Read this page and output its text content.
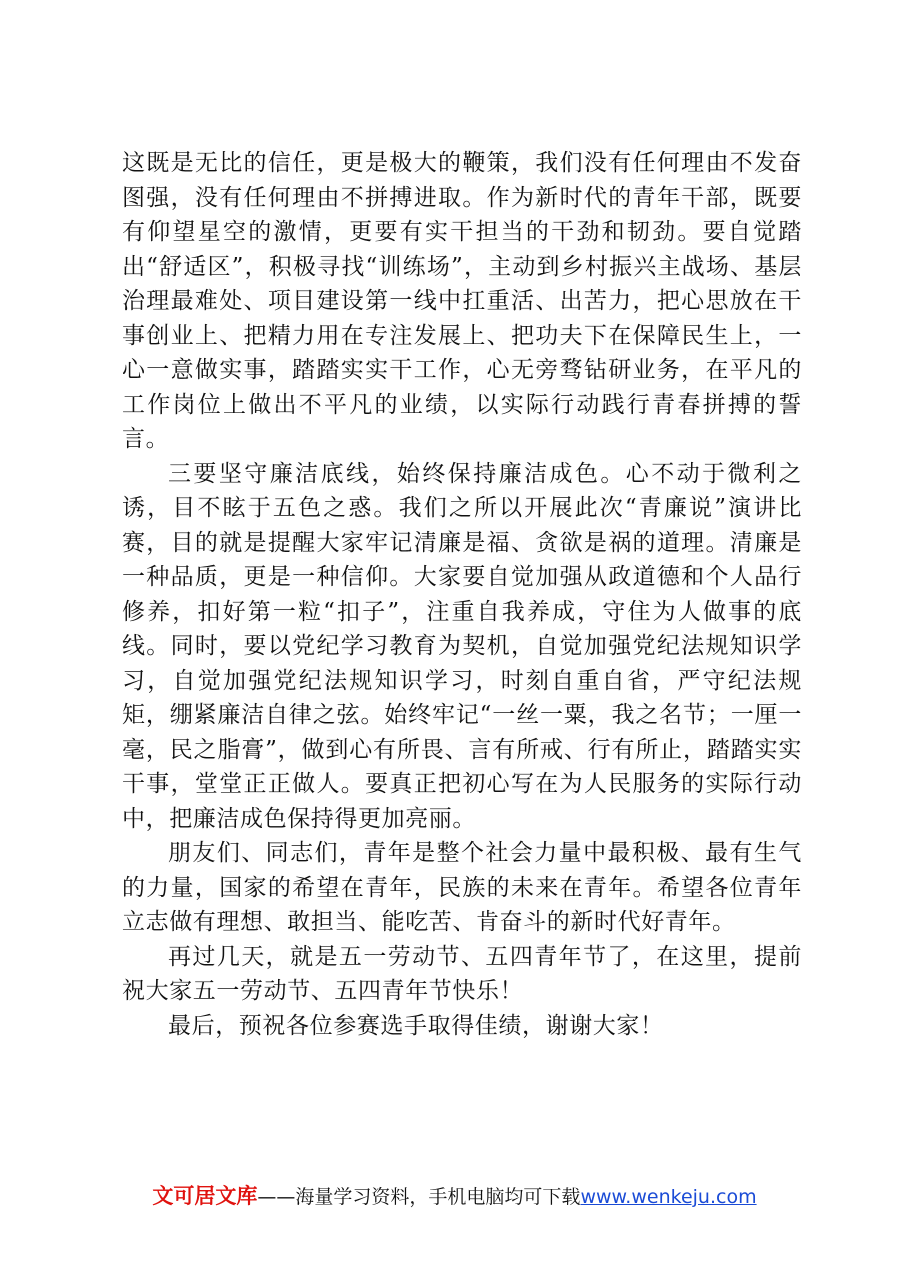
这既是无比的信任，更是极大的鞭策，我们没有任何理由不发奋图强，没有任何理由不拼搏进取。作为新时代的青年干部，既要有仰望星空的激情，更要有实干担当的干劲和韧劲。要自觉踏出“舒适区”，积极寻找“训练场”，主动到乡村振兴主战场、基层治理最难处、项目建设第一线中扛重活、出苦力，把心思放在干事创业上、把精力用在专注发展上、把功夫下在保障民生上，一心一意做实事，踏踏实实干工作，心无旁骛钻研业务，在平凡的工作岗位上做出不平凡的业绩，以实际行动践行青春拼搏的誓言。

三要坚守廉洁底线，始终保持廉洁成色。心不动于微利之诱，目不眩于五色之惑。我们之所以开展此次“青廉说”演讲比赛，目的就是提醒大家牢记清廉是福、贪欲是祸的道理。清廉是一种品质，更是一种信仰。大家要自觉加强从政道德和个人品行修养，扣好第一粒“扣子”，注重自我养成，守住为人做事的底线。同时，要以党纪学习教育为契机，自觉加强党纪法规知识学习，自觉加强党纪法规知识学习，时刻自重自省，严守纪法规矩，绷紧廉洁自律之弦。始终牢记“一丝一粟，我之名节；一厘一毫，民之脂膏”，做到心有所畏、言有所戒、行有所止，踏踏实实干事，堂堂正正做人。要真正把初心写在为人民服务的实际行动中，把廉洁成色保持得更加亮丽。

朋友们、同志们，青年是整个社会力量中最积极、最有生气的力量，国家的希望在青年，民族的未来在青年。希望各位青年立志做有理想、敢担当、能吃苦、肯奋斗的新时代好青年。

再过几天，就是五一劳动节、五四青年节了，在这里，提前祝大家五一劳动节、五四青年节快乐！

最后，预祝各位参赛选手取得佳绩，谢谢大家！

文可居文库——海量学习资料，手机电脑均可下载www.wenkeju.com
